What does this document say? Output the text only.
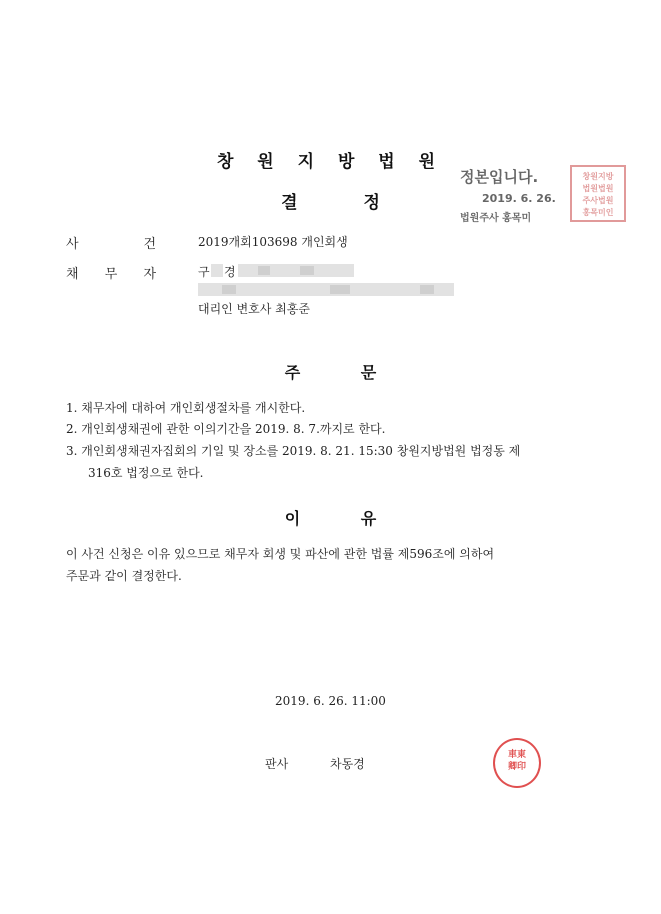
창 원 지 방 법 원
결 정
정본입니다.
2019. 6. 26.
법원주사 홍목미
창원지방
법원법원
주사법원
홍목미인
사	건	2019개회103698 개인회생
채 무 자	구 경
대리인 변호사 최홍준
주 문
1. 채무자에 대하여 개인회생절차를 개시한다.
2. 개인회생채권에 관한 이의기간을 2019. 8. 7.까지로 한다.
3. 개인회생채권자집회의 기일 및 장소를 2019. 8. 21. 15:30 창원지방법원 법정동 제
316호 법정으로 한다.
이 유
이 사건 신청은 이유 있으므로 채무자 회생 및 파산에 관한 법률 제596조에 의하여
주문과 같이 결정한다.
2019. 6. 26. 11:00
판사	차동경
車東
卿印
